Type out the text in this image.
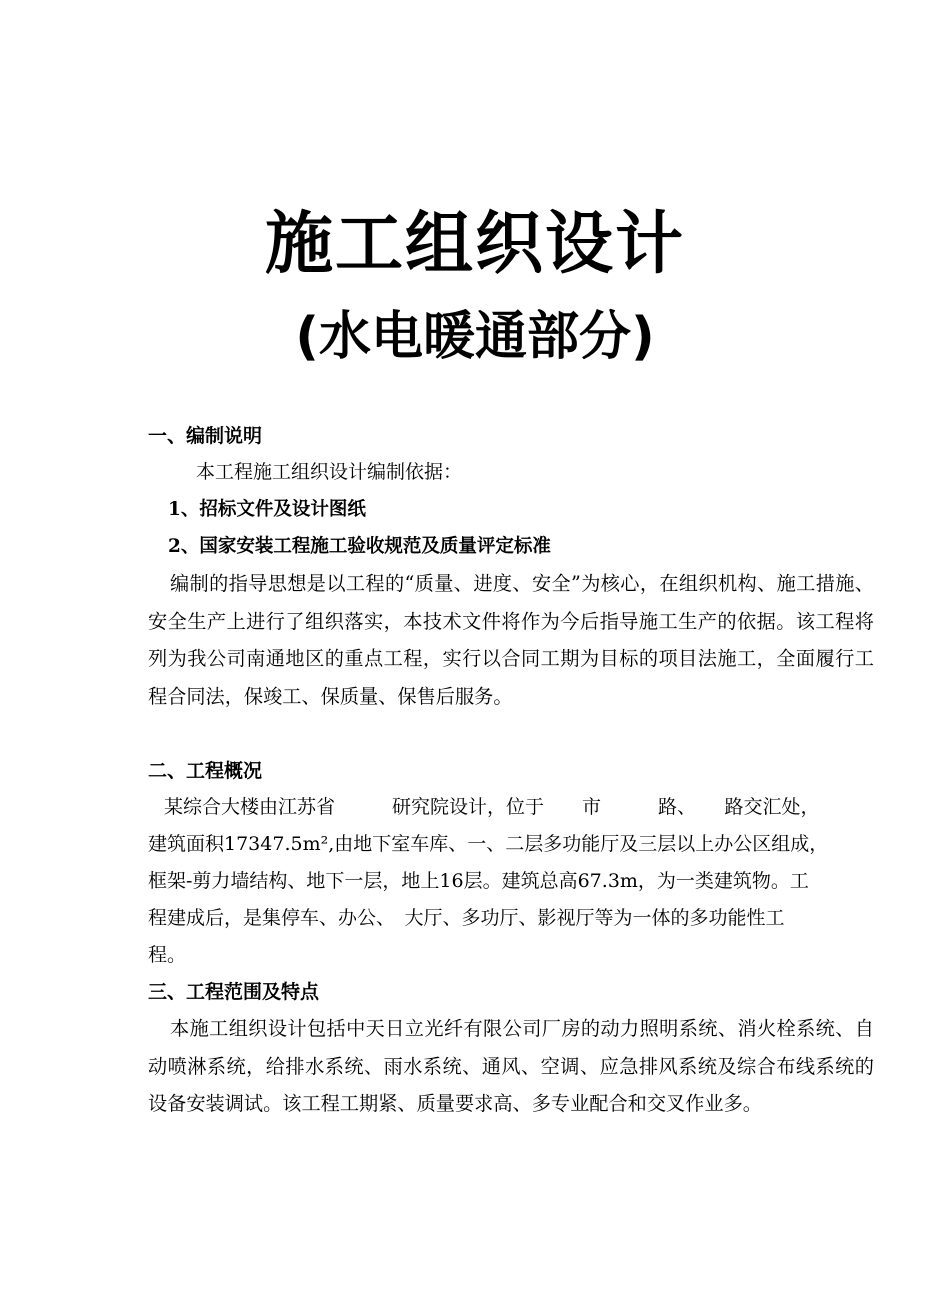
施工组织设计
(水电暖通部分)
一、编制说明
本工程施工组织设计编制依据：
1、招标文件及设计图纸
2、国家安装工程施工验收规范及质量评定标准
编制的指导思想是以工程的“质量、进度、安全”为核心，在组织机构、施工措施、安全生产上进行了组织落实，本技术文件将作为今后指导施工生产的依据。该工程将列为我公司南通地区的重点工程，实行以合同工期为目标的项目法施工，全面履行工程合同法，保竣工、保质量、保售后服务。
二、工程概况
某综合大楼由江苏省　　　研究院设计，位于　　市　　　路、　　路交汇处，
建筑面积17347.5m²,由地下室车库、一、二层多功能厅及三层以上办公区组成，
框架-剪力墙结构、地下一层，地上16层。建筑总高67.3m，为一类建筑物。工
程建成后，是集停车、办公、　大厅、多功厅、影视厅等为一体的多功能性工
程。
三、工程范围及特点
本施工组织设计包括中天日立光纤有限公司厂房的动力照明系统、消火栓系统、自动喷淋系统，给排水系统、雨水系统、通风、空调、应急排风系统及综合布线系统的设备安装调试。该工程工期紧、质量要求高、多专业配合和交叉作业多。
